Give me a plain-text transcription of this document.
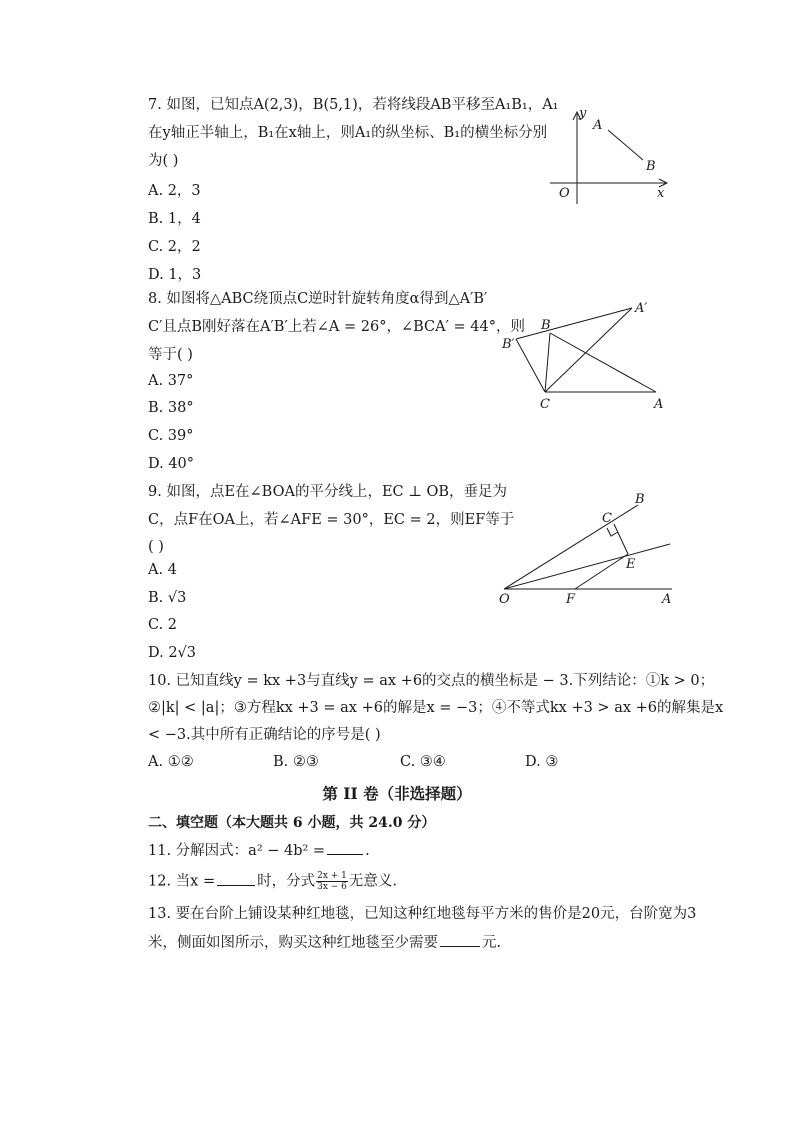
7. 如图，已知点A(2,3)，B(5,1)，若将线段AB平移至A₁B₁，A₁
在y轴正半轴上，B₁在x轴上，则A₁的纵坐标、B₁的横坐标分别
为( )
A. 2，3
B. 1，4
C. 2，2
D. 1，3
y
A
B
O	x
8. 如图将△ABC绕顶点C逆时针旋转角度α得到△A′B′
C′且点B刚好落在A′B′上若∠A = 26°，∠BCA′ = 44°，则
等于( )
A. 37°
B. 38°
C. 39°
D. 40°
A′
B
B′
C	A
9. 如图，点E在∠BOA的平分线上，EC ⊥ OB，垂足为
C，点F在OA上，若∠AFE = 30°，EC = 2，则EF等于
( )
A. 4
B. √3
C. 2
D. 2√3
B
C
E
O	F	A
10. 已知直线y = kx +3与直线y = ax +6的交点的横坐标是 − 3.下列结论：①k > 0；
②|k| < |a|；③方程kx +3 = ax +6的解是x = −3；④不等式kx +3 > ax +6的解集是x
< −3.其中所有正确结论的序号是( )
A. ①②	B. ②③	C. ③④	D. ③
第 II 卷（非选择题）
二、填空题（本大题共 6 小题，共 24.0 分）
11. 分解因式：a² − 4b² =	.
12. 当x =	时，分式 $\frac{2x + 1}{3x - 6}$ 无意义.
13. 要在台阶上铺设某种红地毯，已知这种红地毯每平方米的售价是20元，台阶宽为3
米，侧面如图所示，购买这种红地毯至少需要	元.
